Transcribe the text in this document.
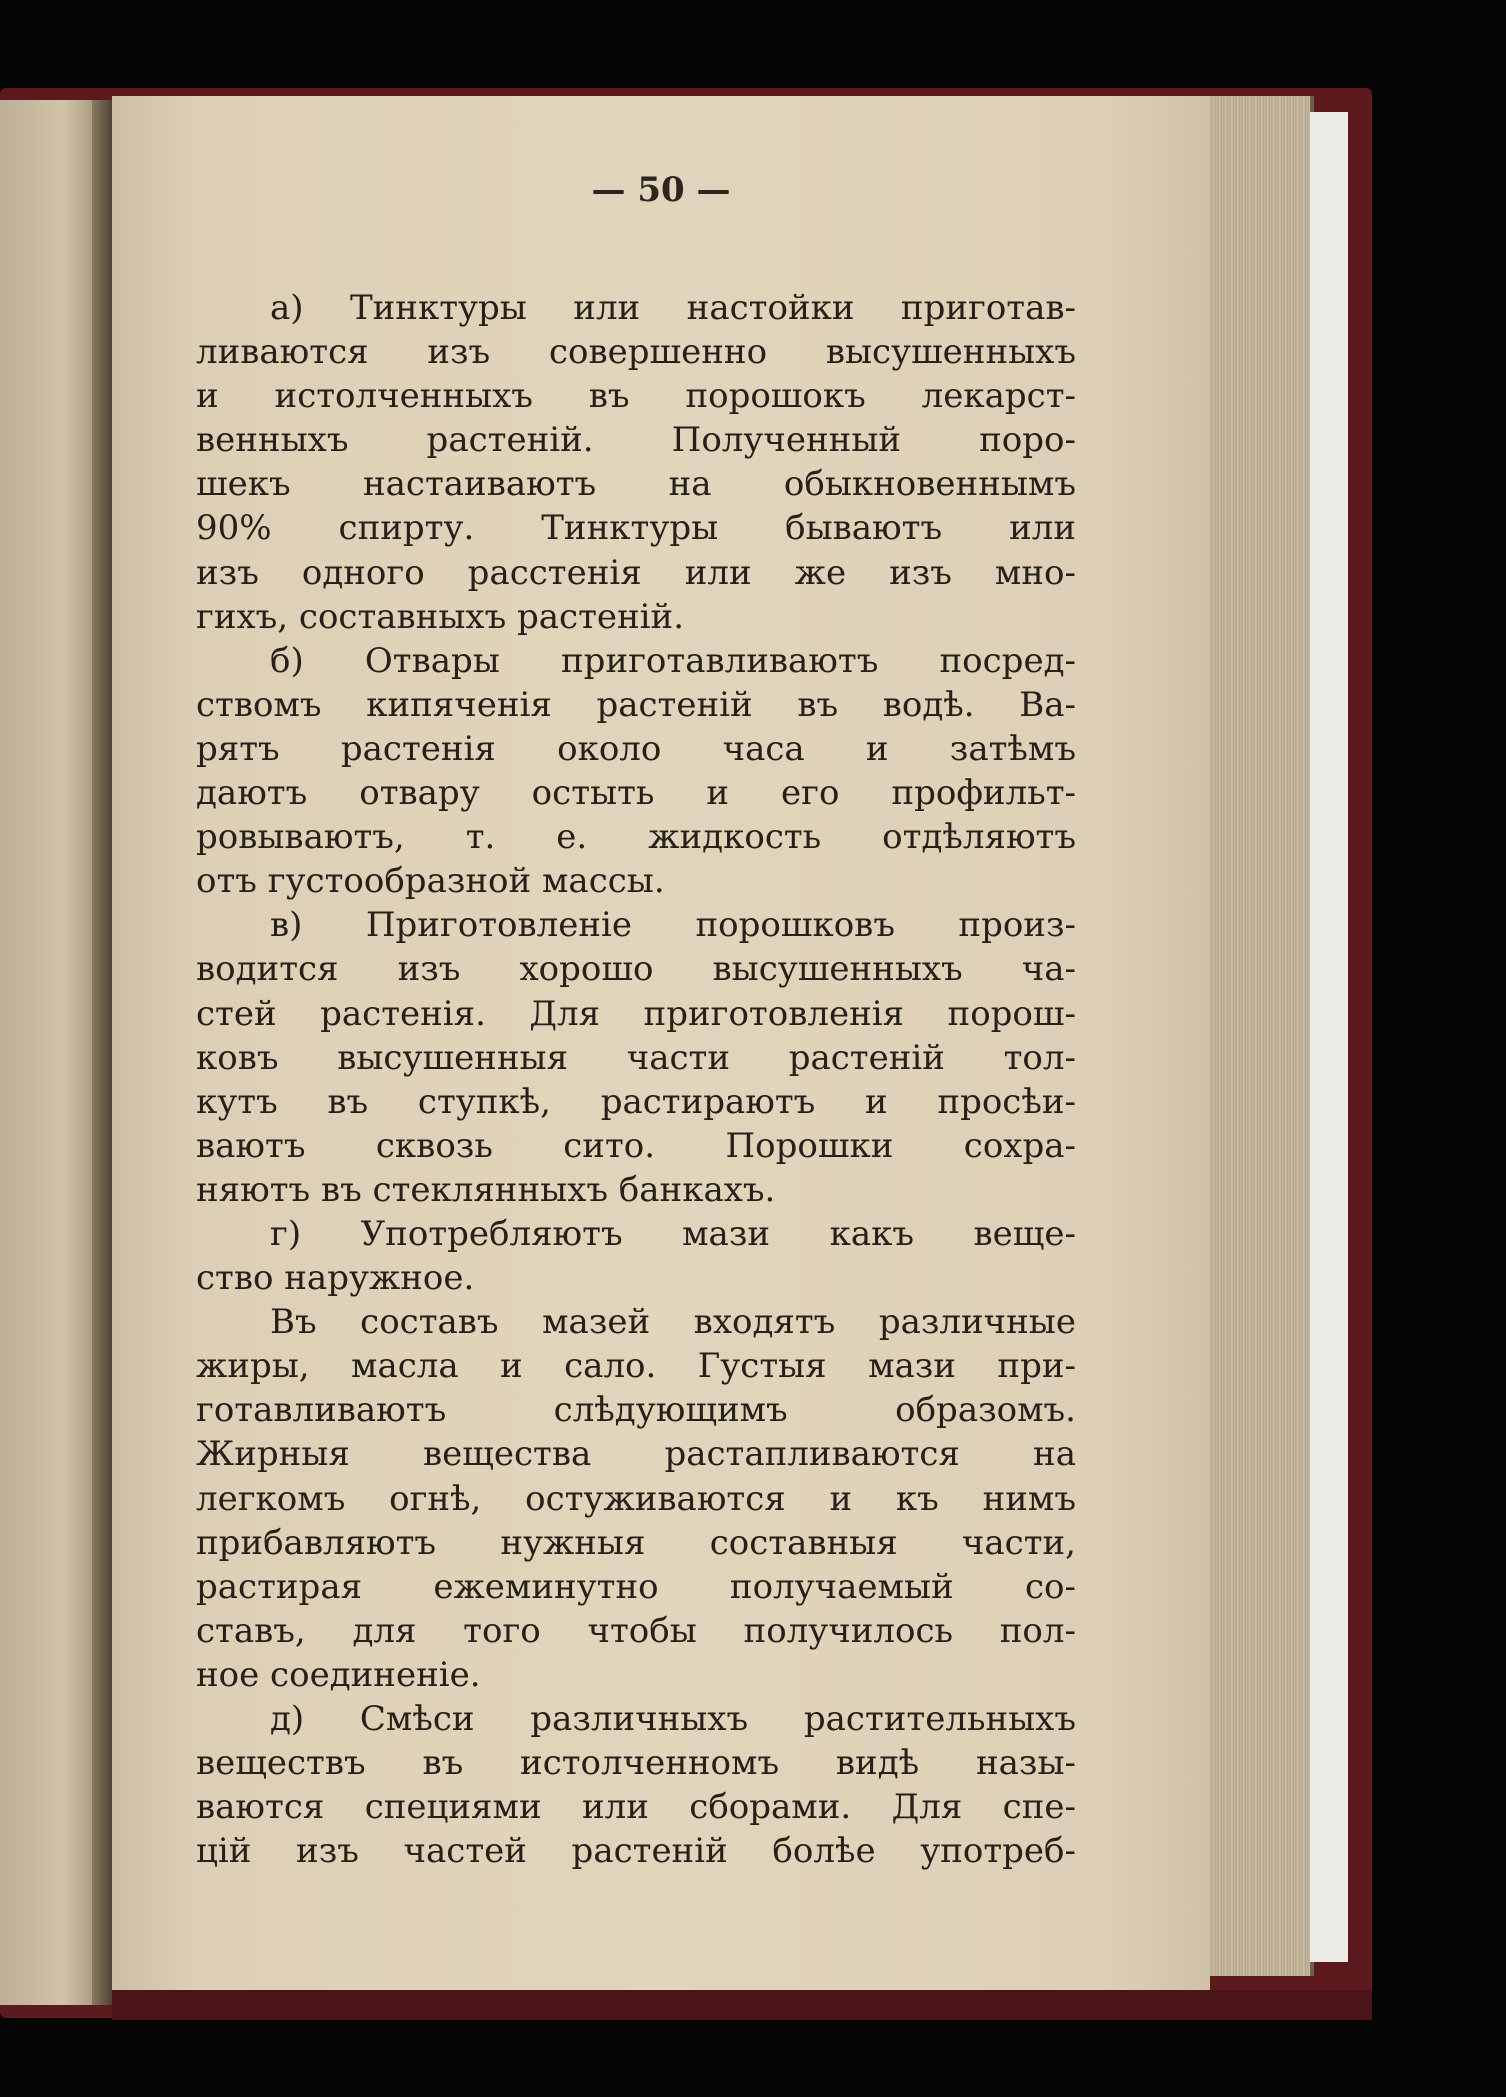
— 50 —

а) Тинктуры или настойки приготав-
ливаются изъ совершенно высушенныхъ
и истолченныхъ въ порошокъ лекарст-
венныхъ растенiй. Полученный поро-
шекъ настаиваютъ на обыкновеннымъ
90% спирту. Тинктуры бываютъ или
изъ одного расстенiя или же изъ мно-
гихъ, составныхъ растенiй.
б) Отвары приготавливаютъ посред-
ствомъ кипяченiя растенiй въ водѣ. Ва-
рятъ растенiя около часа и затѣмъ
даютъ отвару остыть и его профильт-
ровываютъ, т. е. жидкость отдѣляютъ
отъ густообразной массы.
в) Приготовленiе порошковъ произ-
водится изъ хорошо высушенныхъ ча-
стей растенiя. Для приготовленiя порош-
ковъ высушенныя части растенiй тол-
кутъ въ ступкѣ, растираютъ и просѣи-
ваютъ сквозь сито. Порошки сохра-
няютъ въ стеклянныхъ банкахъ.
г) Употребляютъ мази какъ веще-
ство наружное.
Въ составъ мазей входятъ различные
жиры, масла и сало. Густыя мази при-
готавливаютъ слѣдующимъ образомъ.
Жирныя вещества растапливаются на
легкомъ огнѣ, остуживаются и къ нимъ
прибавляютъ нужныя составныя части,
растирая ежеминутно получаемый со-
ставъ, для того чтобы получилось пол-
ное соединенiе.
д) Смѣси различныхъ растительныхъ
веществъ въ истолченномъ видѣ назы-
ваются специями или сборами. Для спе-
цiй изъ частей растенiй болѣе употреб-
